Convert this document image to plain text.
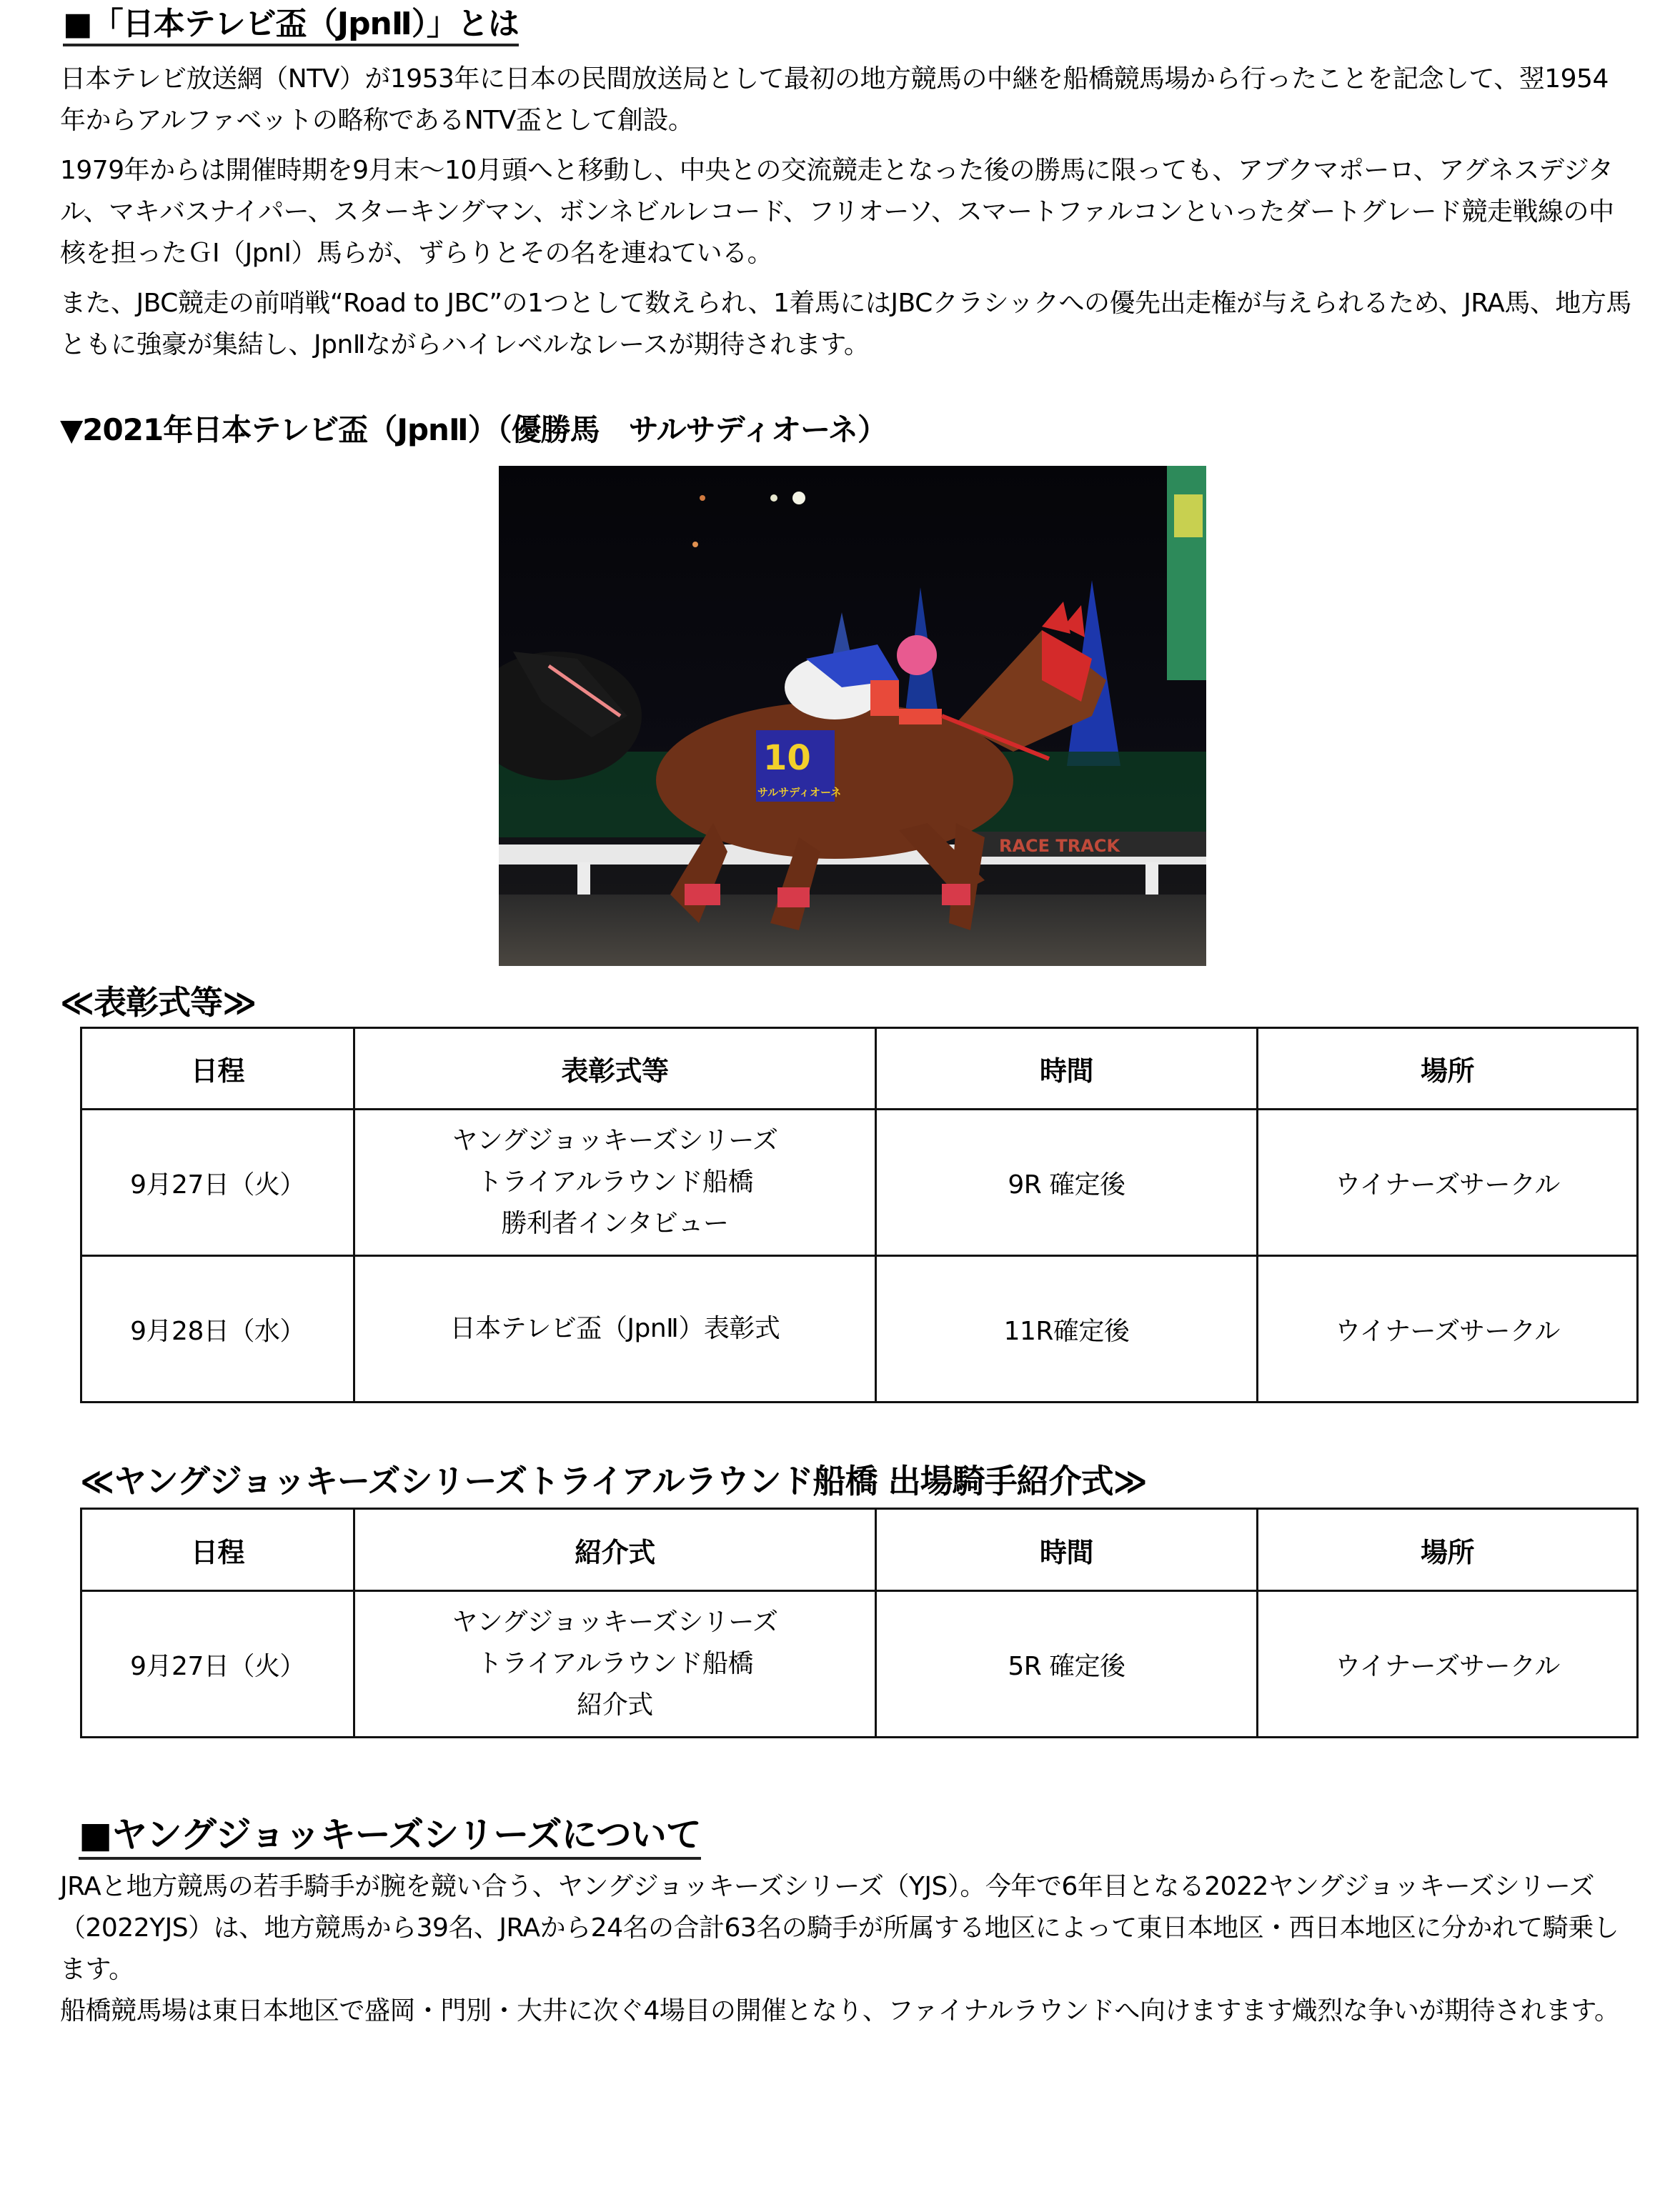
■「日本テレビ盃（JpnⅡ）」とは

日本テレビ放送網（NTV）が1953年に日本の民間放送局として最初の地方競馬の中継を船橋競馬場から行ったことを記念して、翌1954年からアルファベットの略称であるNTV盃として創設。

1979年からは開催時期を9月末～10月頭へと移動し、中央との交流競走となった後の勝馬に限っても、アブクマポーロ、アグネスデジタル、マキバスナイパー、スターキングマン、ボンネビルレコード、フリオーソ、スマートファルコンといったダートグレード競走戦線の中核を担ったＧⅠ（JpnⅠ）馬らが、ずらりとその名を連ねている。

また、JBC競走の前哨戦“Road to JBC”の1つとして数えられ、1着馬にはJBCクラシックへの優先出走権が与えられるため、JRA馬、地方馬ともに強豪が集結し、JpnⅡながらハイレベルなレースが期待されます。

▼2021年日本テレビ盃（JpnⅡ）（優勝馬　サルサディオーネ）
RACE TRACK
10
サルサディオーネ
≪表彰式等≫
日程	表彰式等	時間	場所
9月27日（火）	ヤングジョッキーズシリーズ
トライアルラウンド船橋
勝利者インタビュー	9R 確定後	ウイナーズサークル
9月28日（水）	日本テレビ盃（JpnⅡ）表彰式	11R確定後	ウイナーズサークル
≪ヤングジョッキーズシリーズトライアルラウンド船橋 出場騎手紹介式≫
日程	紹介式	時間	場所
9月27日（火）	ヤングジョッキーズシリーズ
トライアルラウンド船橋
紹介式	5R 確定後	ウイナーズサークル
■ヤングジョッキーズシリーズについて

JRAと地方競馬の若手騎手が腕を競い合う、ヤングジョッキーズシリーズ（YJS）。今年で6年目となる2022ヤングジョッキーズシリーズ（2022YJS）は、地方競馬から39名、JRAから24名の合計63名の騎手が所属する地区によって東日本地区・西日本地区に分かれて騎乗します。

船橋競馬場は東日本地区で盛岡・門別・大井に次ぐ4場目の開催となり、ファイナルラウンドへ向けますます熾烈な争いが期待されます。
